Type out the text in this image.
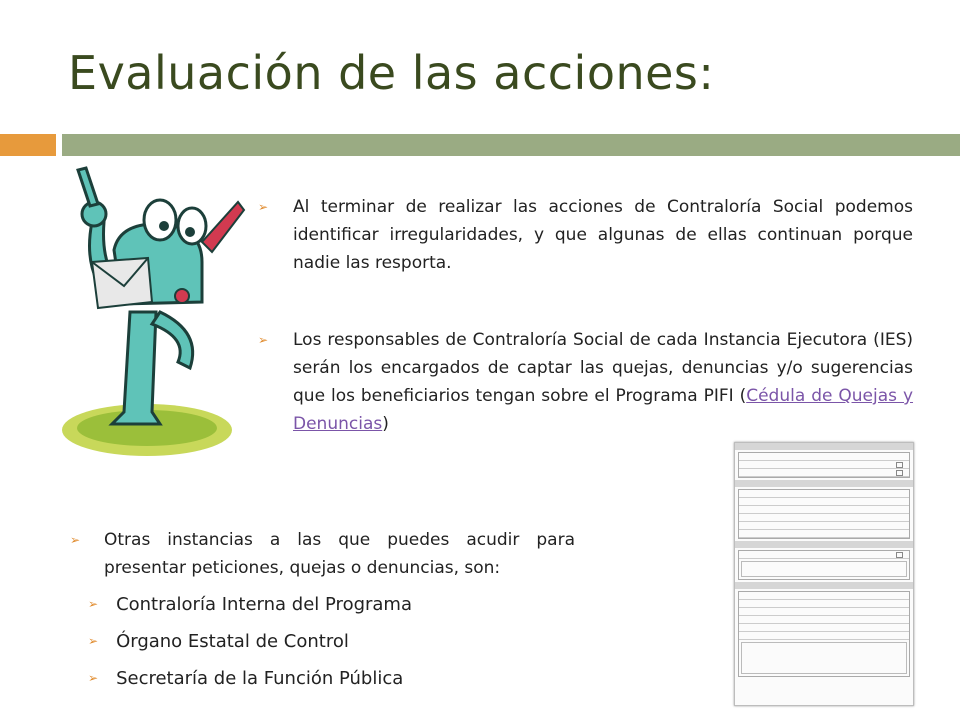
Evaluación de las acciones:
➢ Al terminar de realizar las acciones de Contraloría Social podemos identificar irregularidades, y que algunas de ellas continuan porque nadie las resporta.
➢ Los responsables de Contraloría Social de cada Instancia Ejecutora (IES) serán los encargados de captar las quejas, denuncias y/o sugerencias que los beneficiarios tengan sobre el Programa PIFI (Cédula de Quejas y Denuncias)
➢ Otras instancias a las que puedes acudir para presentar peticiones, quejas o denuncias, son:
➢ Contraloría Interna del Programa
➢ Órgano Estatal de Control
➢ Secretaría de la Función Pública
